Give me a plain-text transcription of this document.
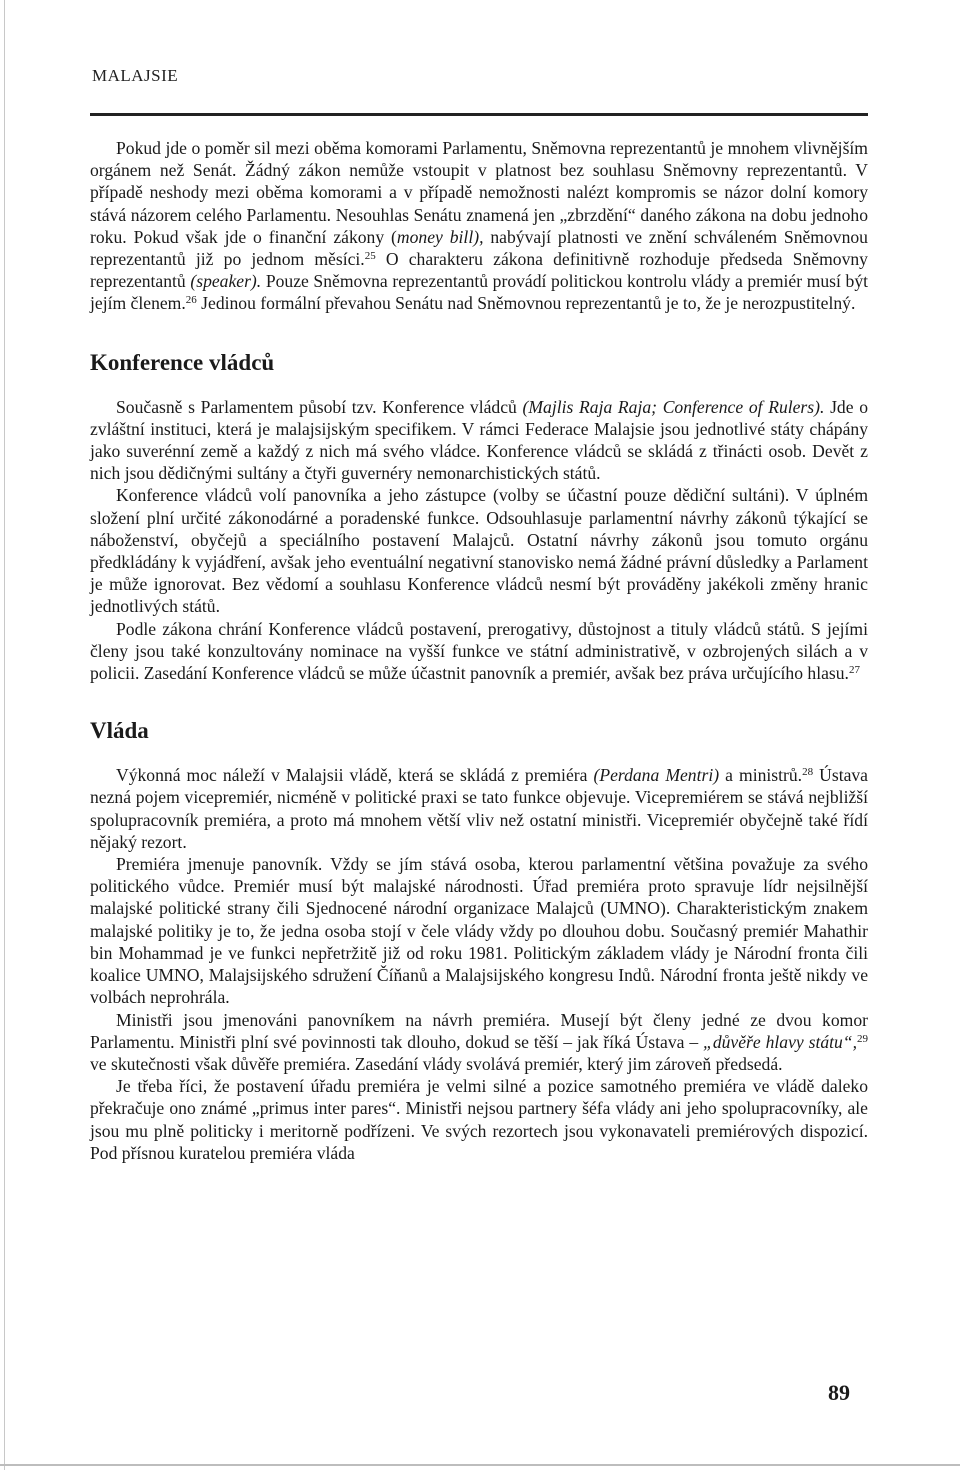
MALAJSIE

Pokud jde o poměr sil mezi oběma komorami Parlamentu, Sněmovna reprezentantů je mnohem vlivnějším orgánem než Senát. Žádný zákon nemůže vstoupit v platnost bez souhlasu Sněmovny reprezentantů. V případě neshody mezi oběma komorami a v případě nemožnosti nalézt kompromis se názor dolní komory stává názorem celého Parlamentu. Nesouhlas Senátu znamená jen „zbrzdění“ daného zákona na dobu jednoho roku. Pokud však jde o finanční zákony (money bill), nabývají platnosti ve znění schváleném Sněmovnou reprezentantů již po jednom měsíci.$^{25}$ O charakteru zákona definitivně rozhoduje předseda Sněmovny reprezentantů (speaker). Pouze Sněmovna reprezentantů provádí politickou kontrolu vlády a premiér musí být jejím členem.$^{26}$ Jedinou formální převahou Senátu nad Sněmovnou reprezentantů je to, že je nerozpustitelný.

Konference vládců

Současně s Parlamentem působí tzv. Konference vládců (Majlis Raja Raja; Conference of Rulers). Jde o zvláštní instituci, která je malajsijským specifikem. V rámci Federace Malajsie jsou jednotlivé státy chápány jako suverénní země a každý z nich má svého vládce. Konference vládců se skládá z třinácti osob. Devět z nich jsou dědičnými sultány a čtyři guvernéry nemonarchistických států.

Konference vládců volí panovníka a jeho zástupce (volby se účastní pouze dědiční sultáni). V úplném složení plní určité zákonodárné a poradenské funkce. Odsouhlasuje parlamentní návrhy zákonů týkající se náboženství, obyčejů a speciálního postavení Malajců. Ostatní návrhy zákonů jsou tomuto orgánu předkládány k vyjádření, avšak jeho eventuální negativní stanovisko nemá žádné právní důsledky a Parlament je může ignorovat. Bez vědomí a souhlasu Konference vládců nesmí být prováděny jakékoli změny hranic jednotlivých států.

Podle zákona chrání Konference vládců postavení, prerogativy, důstojnost a tituly vládců států. S jejími členy jsou také konzultovány nominace na vyšší funkce ve státní administrativě, v ozbrojených silách a v policii. Zasedání Konference vládců se může účastnit panovník a premiér, avšak bez práva určujícího hlasu.$^{27}$

Vláda

Výkonná moc náleží v Malajsii vládě, která se skládá z premiéra (Perdana Mentri) a ministrů.$^{28}$ Ústava nezná pojem vicepremiér, nicméně v politické praxi se tato funkce objevuje. Vicepremiérem se stává nejbližší spolupracovník premiéra, a proto má mnohem větší vliv než ostatní ministři. Vicepremiér obyčejně také řídí nějaký rezort.

Premiéra jmenuje panovník. Vždy se jím stává osoba, kterou parlamentní většina považuje za svého politického vůdce. Premiér musí být malajské národnosti. Úřad premiéra proto spravuje lídr nejsilnější malajské politické strany čili Sjednocené národní organizace Malajců (UMNO). Charakteristickým znakem malajské politiky je to, že jedna osoba stojí v čele vlády vždy po dlouhou dobu. Současný premiér Mahathir bin Mohammad je ve funkci nepřetržitě již od roku 1981. Politickým základem vlády je Národní fronta čili koalice UMNO, Malajsijského sdružení Číňanů a Malajsijského kongresu Indů. Národní fronta ještě nikdy ve volbách neprohrála.

Ministři jsou jmenováni panovníkem na návrh premiéra. Musejí být členy jedné ze dvou komor Parlamentu. Ministři plní své povinnosti tak dlouho, dokud se těší – jak říká Ústava – „důvěře hlavy státu“,$^{29}$ ve skutečnosti však důvěře premiéra. Zasedání vlády svolává premiér, který jim zároveň předsedá.

Je třeba říci, že postavení úřadu premiéra je velmi silné a pozice samotného premiéra ve vládě daleko překračuje ono známé „primus inter pares“. Ministři nejsou partnery šéfa vlády ani jeho spolupracovníky, ale jsou mu plně politicky i meritorně podřízeni. Ve svých rezortech jsou vykonavateli premiérových dispozicí. Pod přísnou kuratelou premiéra vláda

89
